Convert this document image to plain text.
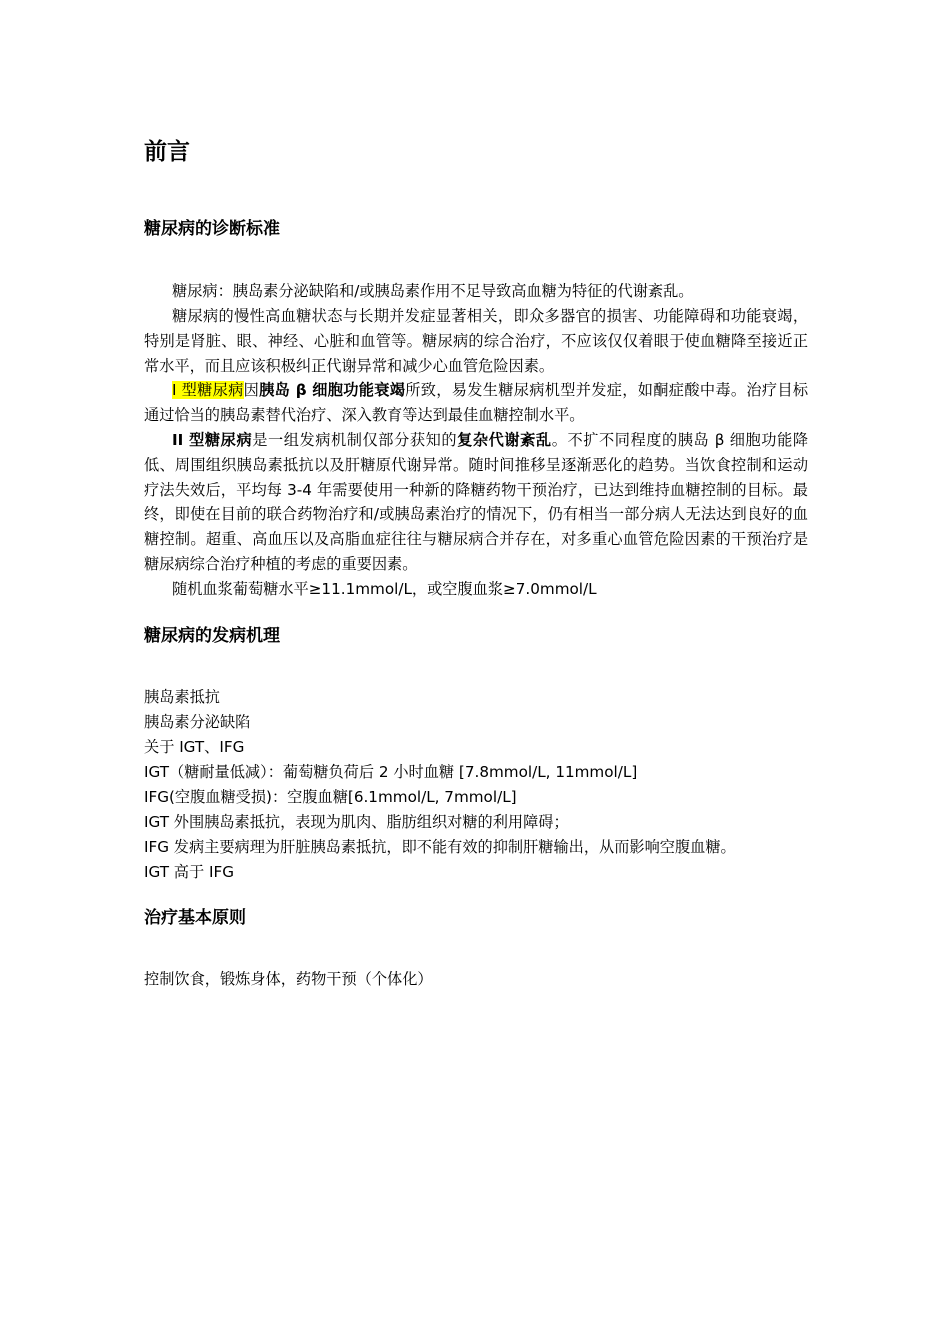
前言
糖尿病的诊断标准
糖尿病：胰岛素分泌缺陷和/或胰岛素作用不足导致高血糖为特征的代谢紊乱。
糖尿病的慢性高血糖状态与长期并发症显著相关，即众多器官的损害、功能障碍和功能衰竭，特别是肾脏、眼、神经、心脏和血管等。糖尿病的综合治疗，不应该仅仅着眼于使血糖降至接近正常水平，而且应该积极纠正代谢异常和减少心血管危险因素。
I 型糖尿病因胰岛 β 细胞功能衰竭所致，易发生糖尿病机型并发症，如酮症酸中毒。治疗目标通过恰当的胰岛素替代治疗、深入教育等达到最佳血糖控制水平。
II 型糖尿病是一组发病机制仅部分获知的复杂代谢紊乱。不扩不同程度的胰岛 β 细胞功能降低、周围组织胰岛素抵抗以及肝糖原代谢异常。随时间推移呈逐渐恶化的趋势。当饮食控制和运动疗法失效后，平均每 3-4 年需要使用一种新的降糖药物干预治疗，已达到维持血糖控制的目标。最终，即使在目前的联合药物治疗和/或胰岛素治疗的情况下，仍有相当一部分病人无法达到良好的血糖控制。超重、高血压以及高脂血症往往与糖尿病合并存在，对多重心血管危险因素的干预治疗是糖尿病综合治疗种植的考虑的重要因素。
随机血浆葡萄糖水平≥11.1mmol/L，或空腹血浆≥7.0mmol/L
糖尿病的发病机理
胰岛素抵抗
胰岛素分泌缺陷
关于 IGT、IFG
IGT（糖耐量低减）：葡萄糖负荷后 2 小时血糖 [7.8mmol/L, 11mmol/L]
IFG(空腹血糖受损)：空腹血糖[6.1mmol/L, 7mmol/L]
IGT 外围胰岛素抵抗，表现为肌肉、脂肪组织对糖的利用障碍；
IFG 发病主要病理为肝脏胰岛素抵抗，即不能有效的抑制肝糖输出，从而影响空腹血糖。
IGT 高于 IFG
治疗基本原则
控制饮食，锻炼身体，药物干预（个体化）
